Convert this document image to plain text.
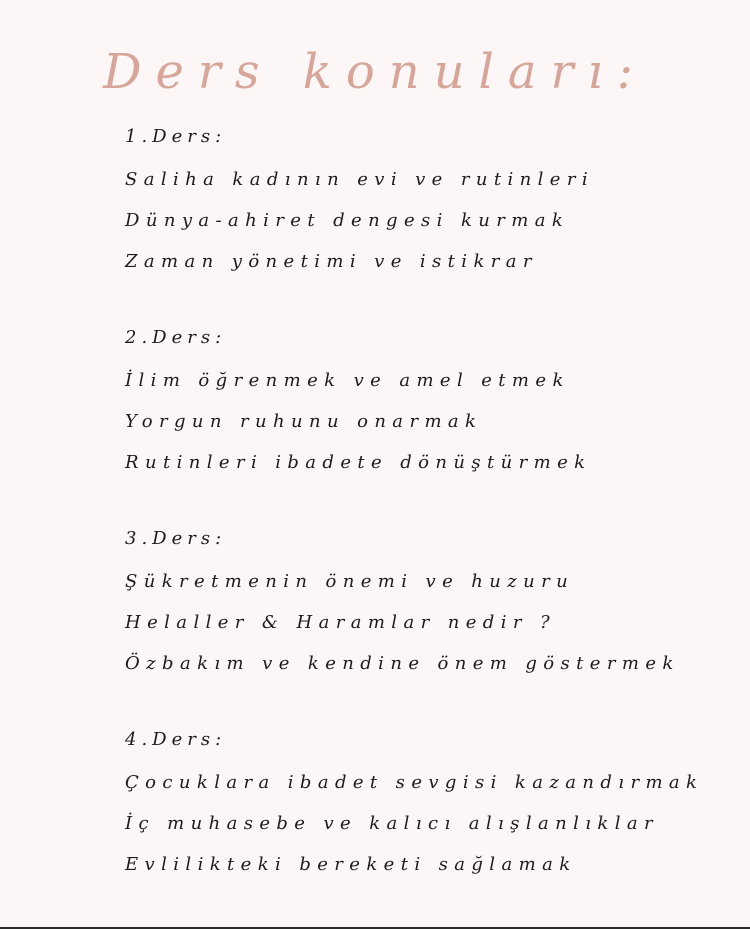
Ders konuları:
1.Ders:
Saliha kadının evi ve rutinleri
Dünya-ahiret dengesi kurmak
Zaman yönetimi ve istikrar
2.Ders:
İlim öğrenmek ve amel etmek
Yorgun ruhunu onarmak
Rutinleri ibadete dönüştürmek
3.Ders:
Şükretmenin önemi ve huzuru
Helaller & Haramlar nedir ?
Özbakım ve kendine önem göstermek
4.Ders:
Çocuklara ibadet sevgisi kazandırmak
İç muhasebe ve kalıcı alışlanlıklar
Evlilikteki bereketi sağlamak
